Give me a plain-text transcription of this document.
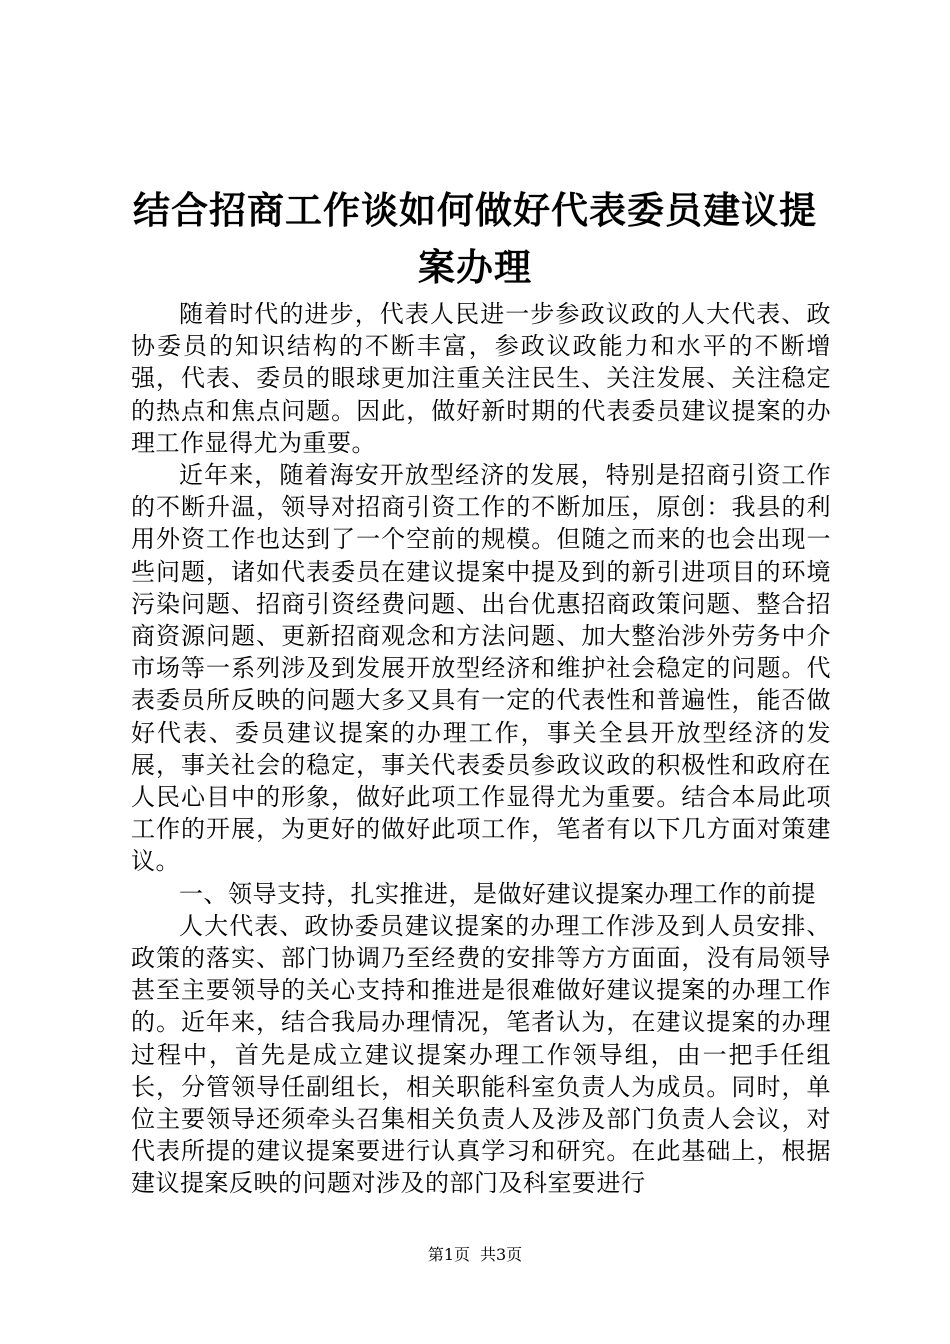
结合招商工作谈如何做好代表委员建议提案办理

随着时代的进步，代表人民进一步参政议政的人大代表、政协委员的知识结构的不断丰富，参政议政能力和水平的不断增强，代表、委员的眼球更加注重关注民生、关注发展、关注稳定的热点和焦点问题。因此，做好新时期的代表委员建议提案的办理工作显得尤为重要。

近年来，随着海安开放型经济的发展，特别是招商引资工作的不断升温，领导对招商引资工作的不断加压，原创：我县的利用外资工作也达到了一个空前的规模。但随之而来的也会出现一些问题，诸如代表委员在建议提案中提及到的新引进项目的环境污染问题、招商引资经费问题、出台优惠招商政策问题、整合招商资源问题、更新招商观念和方法问题、加大整治涉外劳务中介市场等一系列涉及到发展开放型经济和维护社会稳定的问题。代表委员所反映的问题大多又具有一定的代表性和普遍性，能否做好代表、委员建议提案的办理工作，事关全县开放型经济的发展，事关社会的稳定，事关代表委员参政议政的积极性和政府在人民心目中的形象，做好此项工作显得尤为重要。结合本局此项工作的开展，为更好的做好此项工作，笔者有以下几方面对策建议。

一、领导支持，扎实推进，是做好建议提案办理工作的前提

人大代表、政协委员建议提案的办理工作涉及到人员安排、政策的落实、部门协调乃至经费的安排等方方面面，没有局领导甚至主要领导的关心支持和推进是很难做好建议提案的办理工作的。近年来，结合我局办理情况，笔者认为，在建议提案的办理过程中，首先是成立建议提案办理工作领导组，由一把手任组长，分管领导任副组长，相关职能科室负责人为成员。同时，单位主要领导还须牵头召集相关负责人及涉及部门负责人会议，对代表所提的建议提案要进行认真学习和研究。在此基础上，根据建议提案反映的问题对涉及的部门及科室要进行

第1页 共3页
